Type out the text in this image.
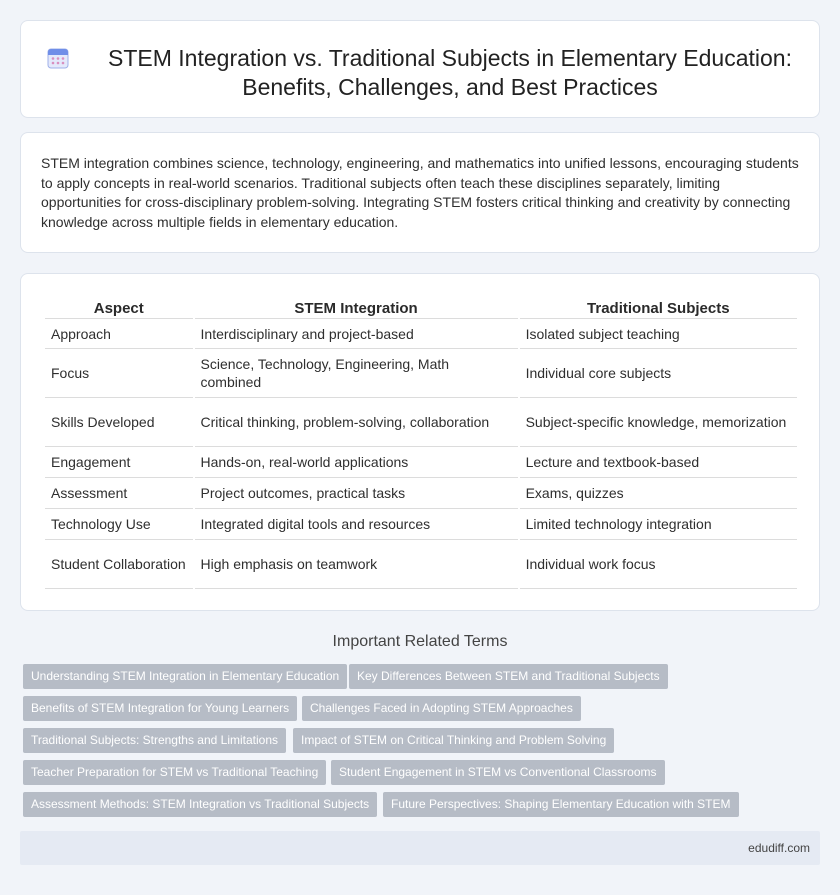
STEM Integration vs. Traditional Subjects in Elementary Education: Benefits, Challenges, and Best Practices

STEM integration combines science, technology, engineering, and mathematics into unified lessons, encouraging students to apply concepts in real-world scenarios. Traditional subjects often teach these disciplines separately, limiting opportunities for cross-disciplinary problem-solving. Integrating STEM fosters critical thinking and creativity by connecting knowledge across multiple fields in elementary education.

Aspect	STEM Integration	Traditional Subjects
Approach	Interdisciplinary and project-based	Isolated subject teaching
Focus	Science, Technology, Engineering, Math combined	Individual core subjects
Skills Developed	Critical thinking, problem-solving, collaboration	Subject-specific knowledge, memorization
Engagement	Hands-on, real-world applications	Lecture and textbook-based
Assessment	Project outcomes, practical tasks	Exams, quizzes
Technology Use	Integrated digital tools and resources	Limited technology integration
Student Collaboration	High emphasis on teamwork	Individual work focus
Important Related Terms
Understanding STEM Integration in Elementary Education	Key Differences Between STEM and Traditional Subjects
Benefits of STEM Integration for Young Learners	Challenges Faced in Adopting STEM Approaches
Traditional Subjects: Strengths and Limitations	Impact of STEM on Critical Thinking and Problem Solving
Teacher Preparation for STEM vs Traditional Teaching	Student Engagement in STEM vs Conventional Classrooms
Assessment Methods: STEM Integration vs Traditional Subjects	Future Perspectives: Shaping Elementary Education with STEM
edudiff.com
